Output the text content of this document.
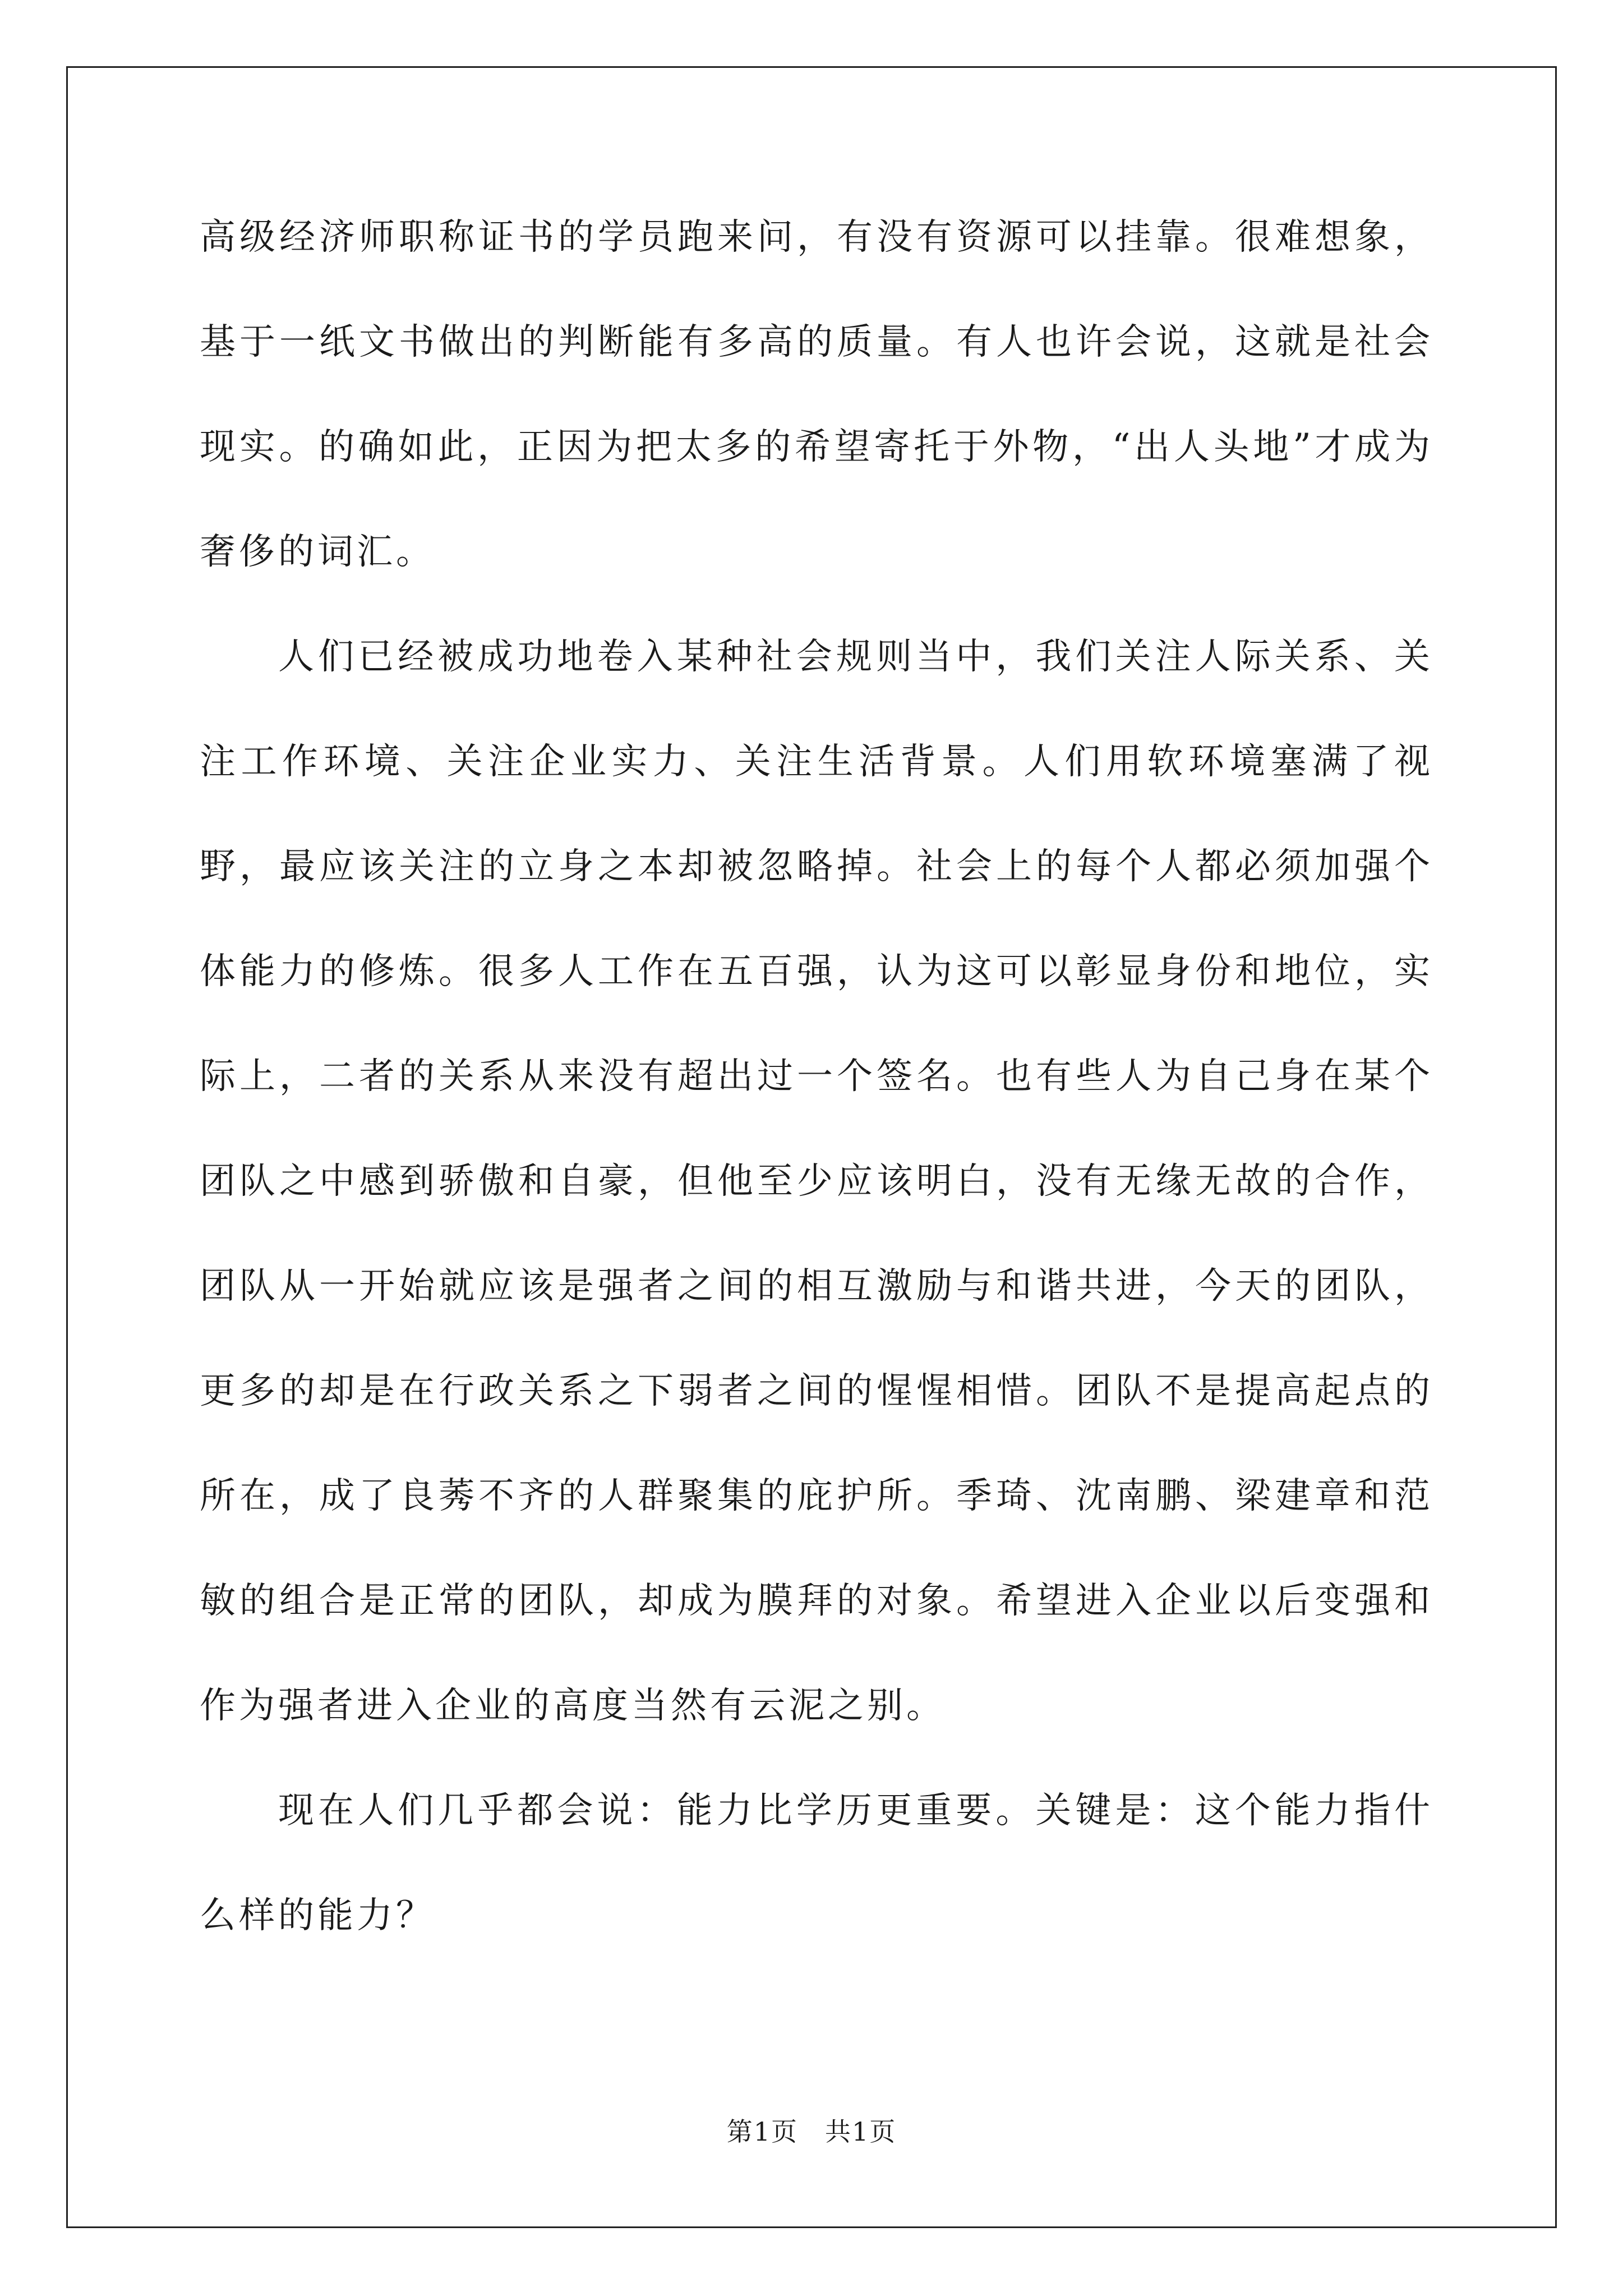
高级经济师职称证书的学员跑来问，有没有资源可以挂靠。很难想象，基于一纸文书做出的判断能有多高的质量。有人也许会说，这就是社会现实。的确如此，正因为把太多的希望寄托于外物，“出人头地”才成为奢侈的词汇。

人们已经被成功地卷入某种社会规则当中，我们关注人际关系、关注工作环境、关注企业实力、关注生活背景。人们用软环境塞满了视野，最应该关注的立身之本却被忽略掉。社会上的每个人都必须加强个体能力的修炼。很多人工作在五百强，认为这可以彰显身份和地位，实际上，二者的关系从来没有超出过一个签名。也有些人为自己身在某个团队之中感到骄傲和自豪，但他至少应该明白，没有无缘无故的合作，团队从一开始就应该是强者之间的相互激励与和谐共进，今天的团队，更多的却是在行政关系之下弱者之间的惺惺相惜。团队不是提高起点的所在，成了良莠不齐的人群聚集的庇护所。季琦、沈南鹏、梁建章和范敏的组合是正常的团队，却成为膜拜的对象。希望进入企业以后变强和作为强者进入企业的高度当然有云泥之别。

现在人们几乎都会说：能力比学历更重要。关键是：这个能力指什么样的能力？

第1页　共1页
